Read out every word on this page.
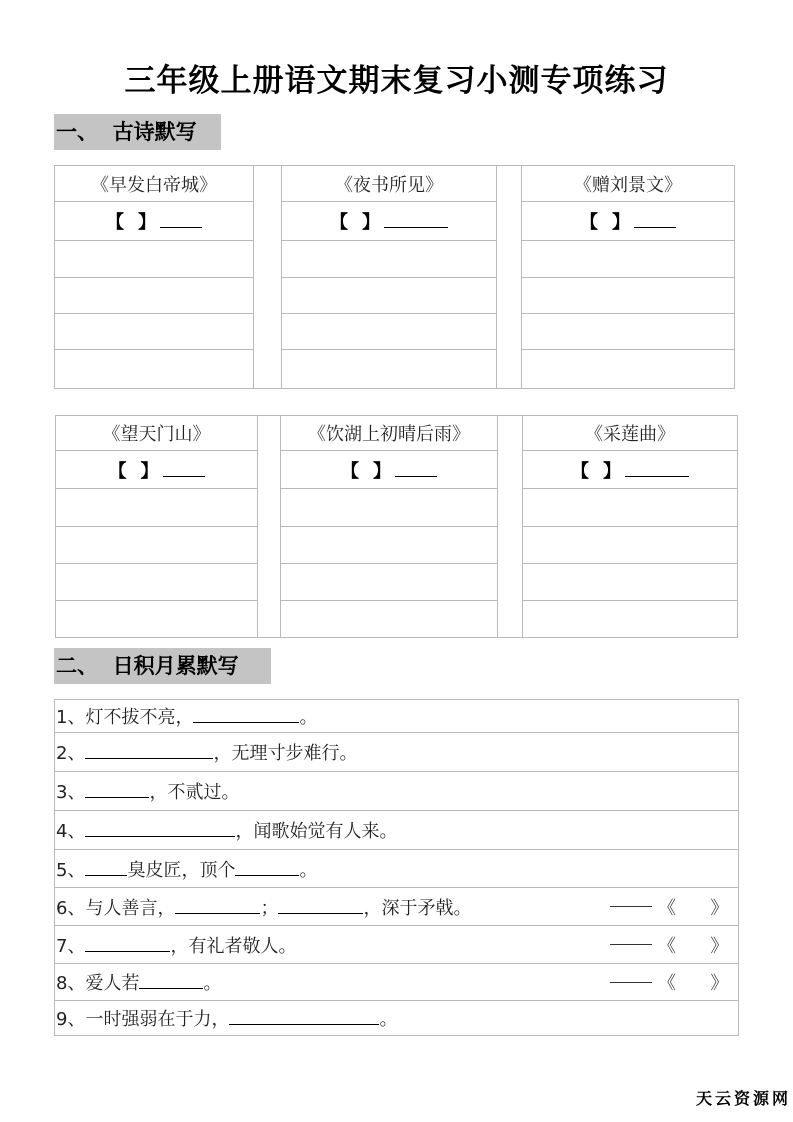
三年级上册语文期末复习小测专项练习
一、  古诗默写
《早发白帝城》		《夜书所见》		《赠刘景文》
【 】		【 】		【 】

《望天门山》		《饮湖上初晴后雨》		《采莲曲》
【 】		【 】		【 】

二、  日积月累默写
1、灯不拔不亮，	。
2、	，无理寸步难行。
3、	，不贰过。
4、	，闻歌始觉有人来。
5、 臭皮匠，顶个	。
6、与人善言，	；	，深于矛戟。	《      》

7、	，有礼者敬人。	《      》

8、爱人若	。	《      》

9、一时强弱在于力，	。
天云资源网
